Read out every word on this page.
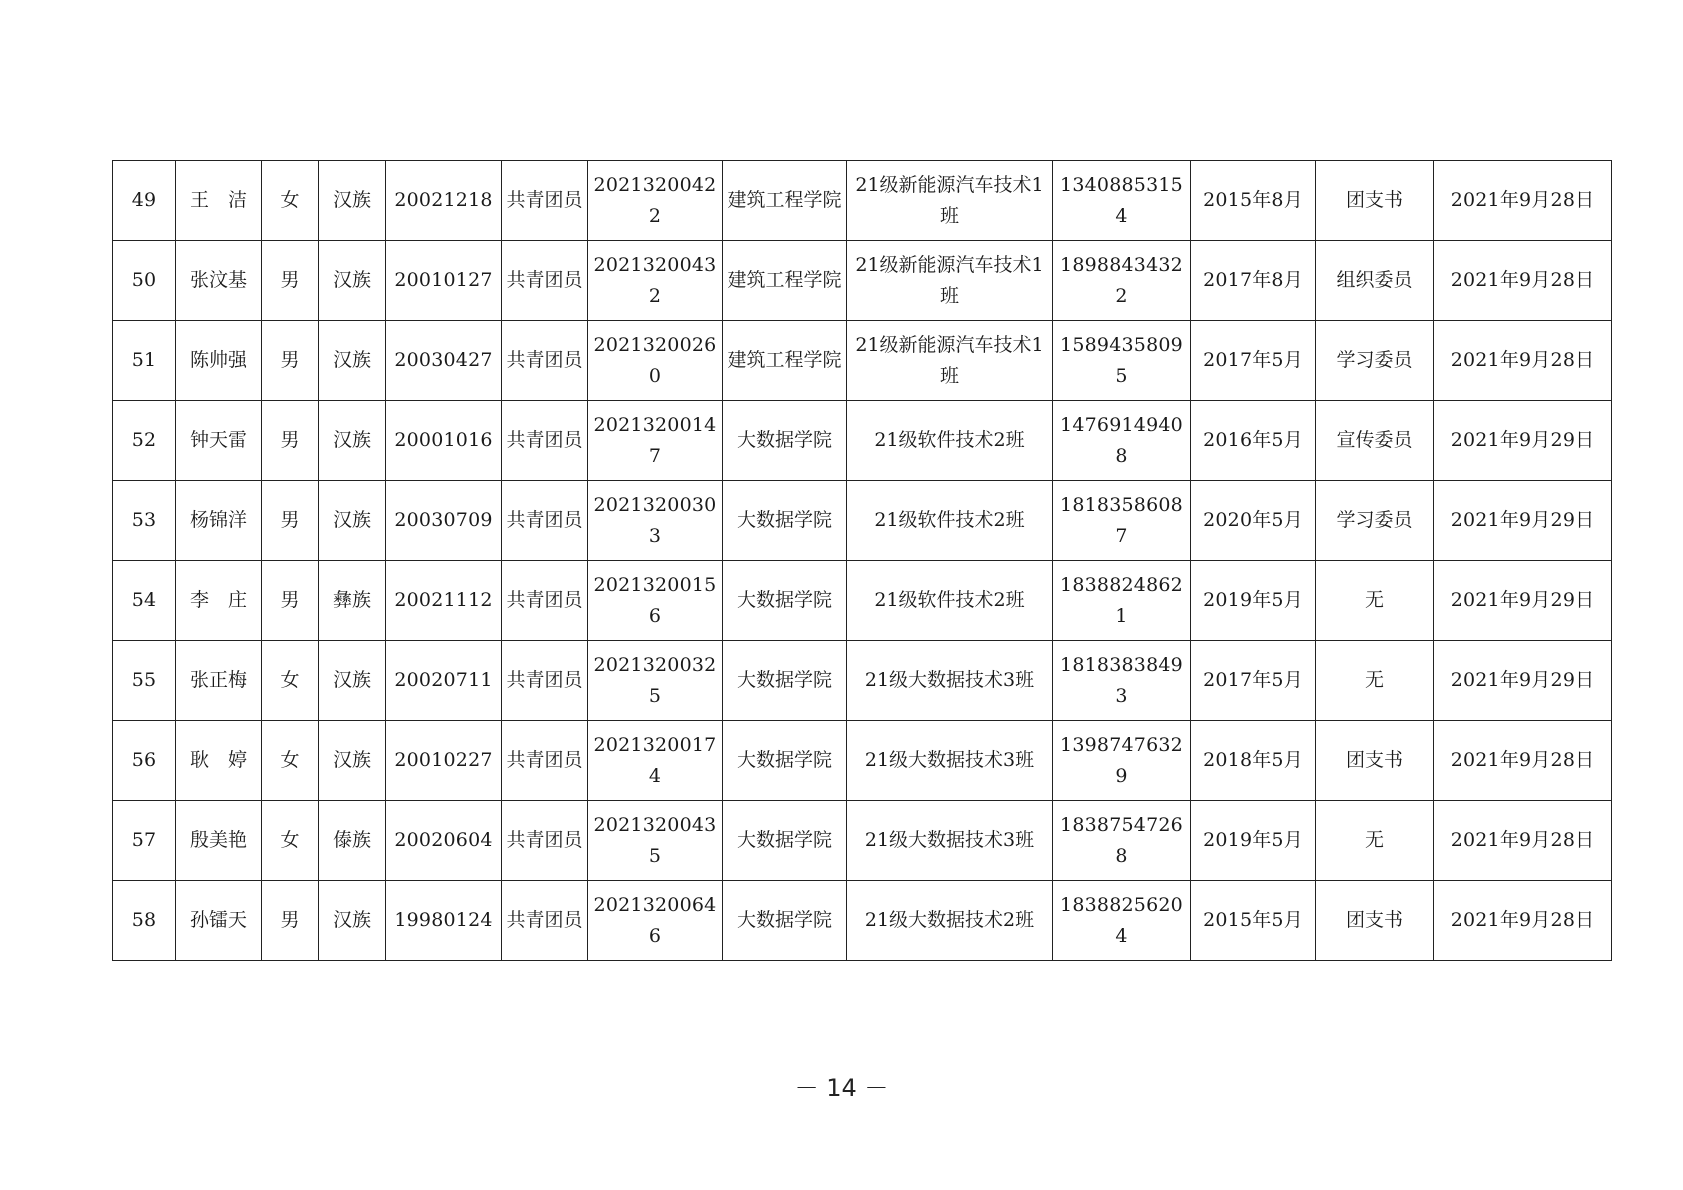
49	王　洁	女	汉族	20021218	共青团员	20213200422	建筑工程学院	21级新能源汽车技术1班	13408853154	2015年8月	团支书	2021年9月28日
50	张汶基	男	汉族	20010127	共青团员	20213200432	建筑工程学院	21级新能源汽车技术1班	18988434322	2017年8月	组织委员	2021年9月28日
51	陈帅强	男	汉族	20030427	共青团员	20213200260	建筑工程学院	21级新能源汽车技术1班	15894358095	2017年5月	学习委员	2021年9月28日
52	钟天雷	男	汉族	20001016	共青团员	20213200147	大数据学院	21级软件技术2班	14769149408	2016年5月	宣传委员	2021年9月29日
53	杨锦洋	男	汉族	20030709	共青团员	20213200303	大数据学院	21级软件技术2班	18183586087	2020年5月	学习委员	2021年9月29日
54	李　庄	男	彝族	20021112	共青团员	20213200156	大数据学院	21级软件技术2班	18388248621	2019年5月	无	2021年9月29日
55	张正梅	女	汉族	20020711	共青团员	20213200325	大数据学院	21级大数据技术3班	18183838493	2017年5月	无	2021年9月29日
56	耿　婷	女	汉族	20010227	共青团员	20213200174	大数据学院	21级大数据技术3班	13987476329	2018年5月	团支书	2021年9月28日
57	殷美艳	女	傣族	20020604	共青团员	20213200435	大数据学院	21级大数据技术3班	18387547268	2019年5月	无	2021年9月28日
58	孙镭天	男	汉族	19980124	共青团员	20213200646	大数据学院	21级大数据技术2班	18388256204	2015年5月	团支书	2021年9月28日
－ 14 －
